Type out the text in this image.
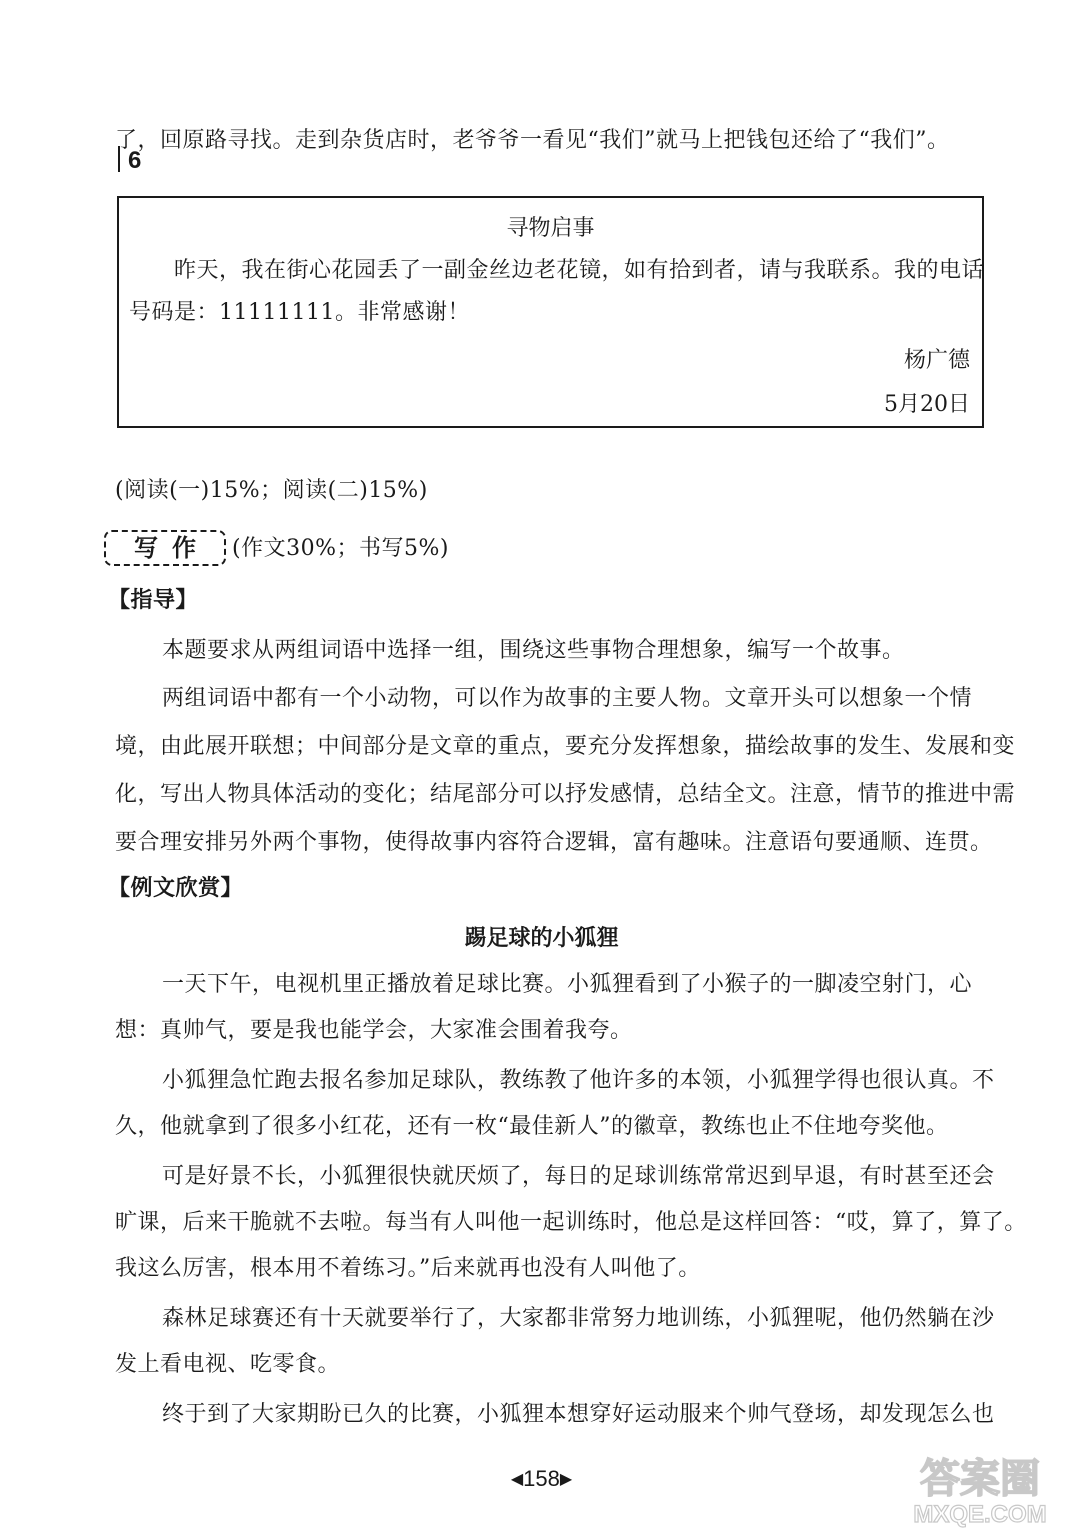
了，回原路寻找。走到杂货店时，老爷爷一看见“我们”就马上把钱包还给了“我们”。
6
寻物启事
昨天，我在街心花园丢了一副金丝边老花镜，如有拾到者，请与我联系。我的电话
号码是：11111111。非常感谢！
杨广德
5月20日
(阅读(一)15%；阅读(二)15%)
写作	(作文30%；书写5%)
【指导】
本题要求从两组词语中选择一组，围绕这些事物合理想象，编写一个故事。
两组词语中都有一个小动物，可以作为故事的主要人物。文章开头可以想象一个情
境，由此展开联想；中间部分是文章的重点，要充分发挥想象，描绘故事的发生、发展和变
化，写出人物具体活动的变化；结尾部分可以抒发感情，总结全文。注意，情节的推进中需
要合理安排另外两个事物，使得故事内容符合逻辑，富有趣味。注意语句要通顺、连贯。
【例文欣赏】
踢足球的小狐狸
一天下午，电视机里正播放着足球比赛。小狐狸看到了小猴子的一脚凌空射门，心
想：真帅气，要是我也能学会，大家准会围着我夸。
小狐狸急忙跑去报名参加足球队，教练教了他许多的本领，小狐狸学得也很认真。不
久，他就拿到了很多小红花，还有一枚“最佳新人”的徽章，教练也止不住地夸奖他。
可是好景不长，小狐狸很快就厌烦了，每日的足球训练常常迟到早退，有时甚至还会
旷课，后来干脆就不去啦。每当有人叫他一起训练时，他总是这样回答：“哎，算了，算了。
我这么厉害，根本用不着练习。”后来就再也没有人叫他了。
森林足球赛还有十天就要举行了，大家都非常努力地训练，小狐狸呢，他仍然躺在沙
发上看电视、吃零食。
终于到了大家期盼已久的比赛，小狐狸本想穿好运动服来个帅气登场，却发现怎么也
◀158▶	答案圈
MXQE.COM
